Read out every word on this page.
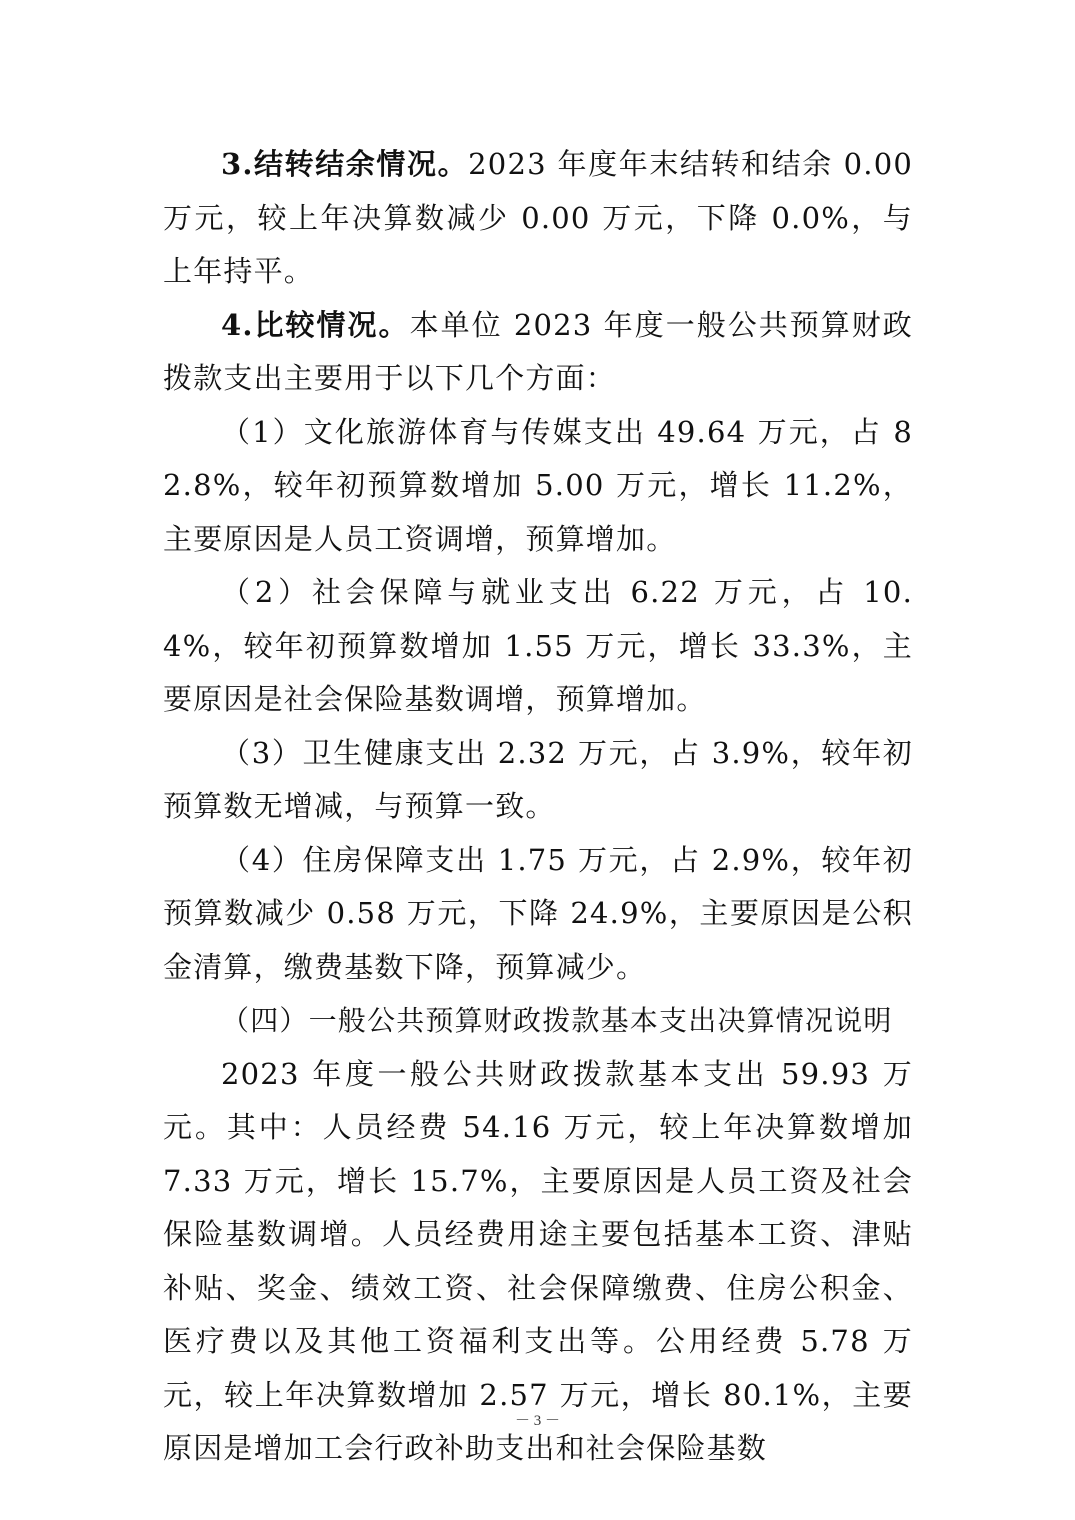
3.结转结余情况。2023 年度年末结转和结余 0.00 万元，较上年决算数减少 0.00 万元，下降 0.0%，与上年持平。

4.比较情况。本单位 2023 年度一般公共预算财政拨款支出主要用于以下几个方面：

（1）文化旅游体育与传媒支出 49.64 万元，占 82.8%，较年初预算数增加 5.00 万元，增长 11.2%，主要原因是人员工资调增，预算增加。

（2）社会保障与就业支出 6.22 万元，占 10.4%，较年初预算数增加 1.55 万元，增长 33.3%，主要原因是社会保险基数调增，预算增加。

（3）卫生健康支出 2.32 万元，占 3.9%，较年初预算数无增减，与预算一致。

（4）住房保障支出 1.75 万元，占 2.9%，较年初预算数减少 0.58 万元，下降 24.9%，主要原因是公积金清算，缴费基数下降，预算减少。

（四）一般公共预算财政拨款基本支出决算情况说明

2023 年度一般公共财政拨款基本支出 59.93 万元。其中：人员经费 54.16 万元，较上年决算数增加 7.33 万元，增长 15.7%，主要原因是人员工资及社会保险基数调增。人员经费用途主要包括基本工资、津贴补贴、奖金、绩效工资、社会保障缴费、住房公积金、医疗费以及其他工资福利支出等。公用经费 5.78 万元，较上年决算数增加 2.57 万元，增长 80.1%，主要原因是增加工会行政补助支出和社会保险基数

－ 3 －
